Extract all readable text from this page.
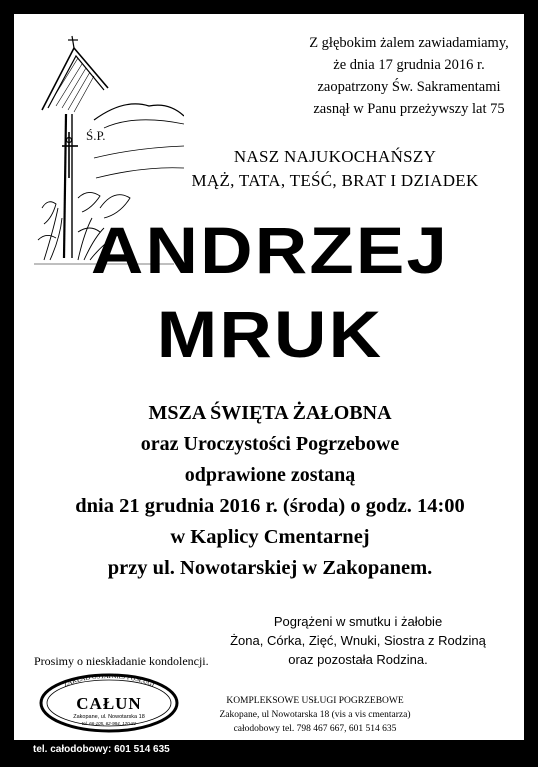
Ś.P.
Z głębokim żalem zawiadamiamy,
że dnia 17 grudnia 2016 r.
zaopatrzony Św. Sakramentami
zasnął w Panu przeżywszy lat 75
NASZ NAJUKOCHAŃSZY
MĄŻ, TATA, TEŚĆ, BRAT I DZIADEK
ANDRZEJ
MRUK
MSZA ŚWIĘTA ŻAŁOBNA
oraz Uroczystości Pogrzebowe
odprawione zostaną
dnia 21 grudnia 2016 r. (środa) o godz. 14:00
w Kaplicy Cmentarnej
przy ul. Nowotarskiej w Zakopanem.
Pogrążeni w smutku i żałobie
Żona, Córka, Zięć, Wnuki, Siostra z Rodziną
oraz pozostała Rodzina.
Prosimy o nieskładanie kondolencji.
ZAKŁAD OSTATNIEJ POSŁUGI
CAŁUN
Zakopane, ul. Nowotarska 18
tel. 66-105, 62-984, 120-81
KOMPLEKSOWE USŁUGI POGRZEBOWE
Zakopane, ul Nowotarska 18 (vis a vis cmentarza)
całodobowy tel. 798 467 667, 601 514 635
tel. całodobowy: 601 514 635
